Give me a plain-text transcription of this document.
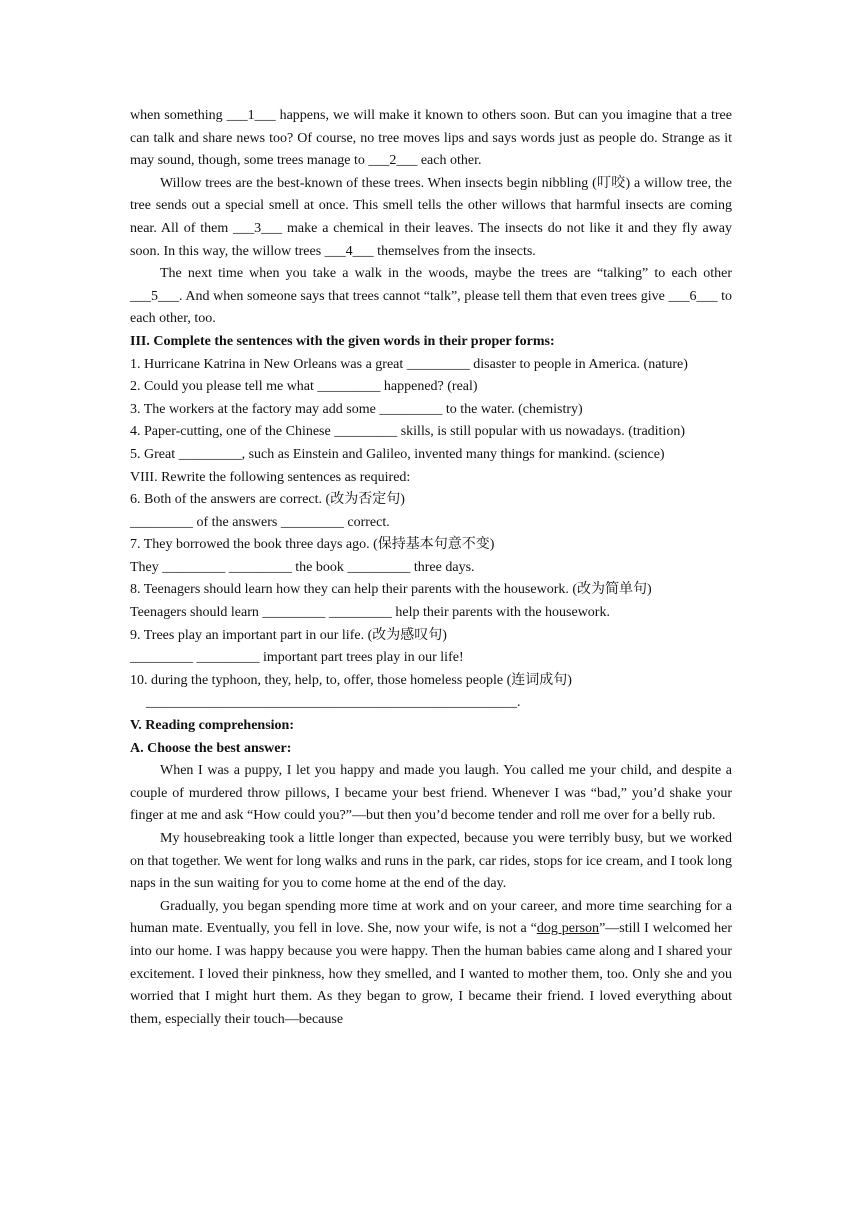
when something ___1___ happens, we will make it known to others soon. But can you imagine that a tree can talk and share news too? Of course, no tree moves lips and says words just as people do. Strange as it may sound, though, some trees manage to ___2___ each other.

Willow trees are the best-known of these trees. When insects begin nibbling (叮咬) a willow tree, the tree sends out a special smell at once. This smell tells the other willows that harmful insects are coming near. All of them ___3___ make a chemical in their leaves. The insects do not like it and they fly away soon. In this way, the willow trees ___4___ themselves from the insects.

The next time when you take a walk in the woods, maybe the trees are “talking” to each other ___5___. And when someone says that trees cannot “talk”, please tell them that even trees give ___6___ to each other, too.

III. Complete the sentences with the given words in their proper forms:

1. Hurricane Katrina in New Orleans was a great _________ disaster to people in America. (nature)

2. Could you please tell me what _________ happened? (real)

3. The workers at the factory may add some _________ to the water. (chemistry)

4. Paper-cutting, one of the Chinese _________ skills, is still popular with us nowadays. (tradition)

5. Great _________, such as Einstein and Galileo, invented many things for mankind. (science)

VIII. Rewrite the following sentences as required:

6. Both of the answers are correct. (改为否定句)

_________ of the answers _________ correct.

7. They borrowed the book three days ago. (保持基本句意不变)

They _________ _________ the book _________ three days.

8. Teenagers should learn how they can help their parents with the housework. (改为简单句)

Teenagers should learn _________ _________ help their parents with the housework.

9. Trees play an important part in our life. (改为感叹句)

_________ _________ important part trees play in our life!

10. during the typhoon, they, help, to, offer, those homeless people (连词成句)

_____________________________________________________.

V. Reading comprehension:

A. Choose the best answer:

When I was a puppy, I let you happy and made you laugh. You called me your child, and despite a couple of murdered throw pillows, I became your best friend. Whenever I was “bad,” you’d shake your finger at me and ask “How could you?”—but then you’d become tender and roll me over for a belly rub.

My housebreaking took a little longer than expected, because you were terribly busy, but we worked on that together. We went for long walks and runs in the park, car rides, stops for ice cream, and I took long naps in the sun waiting for you to come home at the end of the day.

Gradually, you began spending more time at work and on your career, and more time searching for a human mate. Eventually, you fell in love. She, now your wife, is not a “dog person”—still I welcomed her into our home. I was happy because you were happy. Then the human babies came along and I shared your excitement. I loved their pinkness, how they smelled, and I wanted to mother them, too. Only she and you worried that I might hurt them. As they began to grow, I became their friend. I loved everything about them, especially their touch—because
